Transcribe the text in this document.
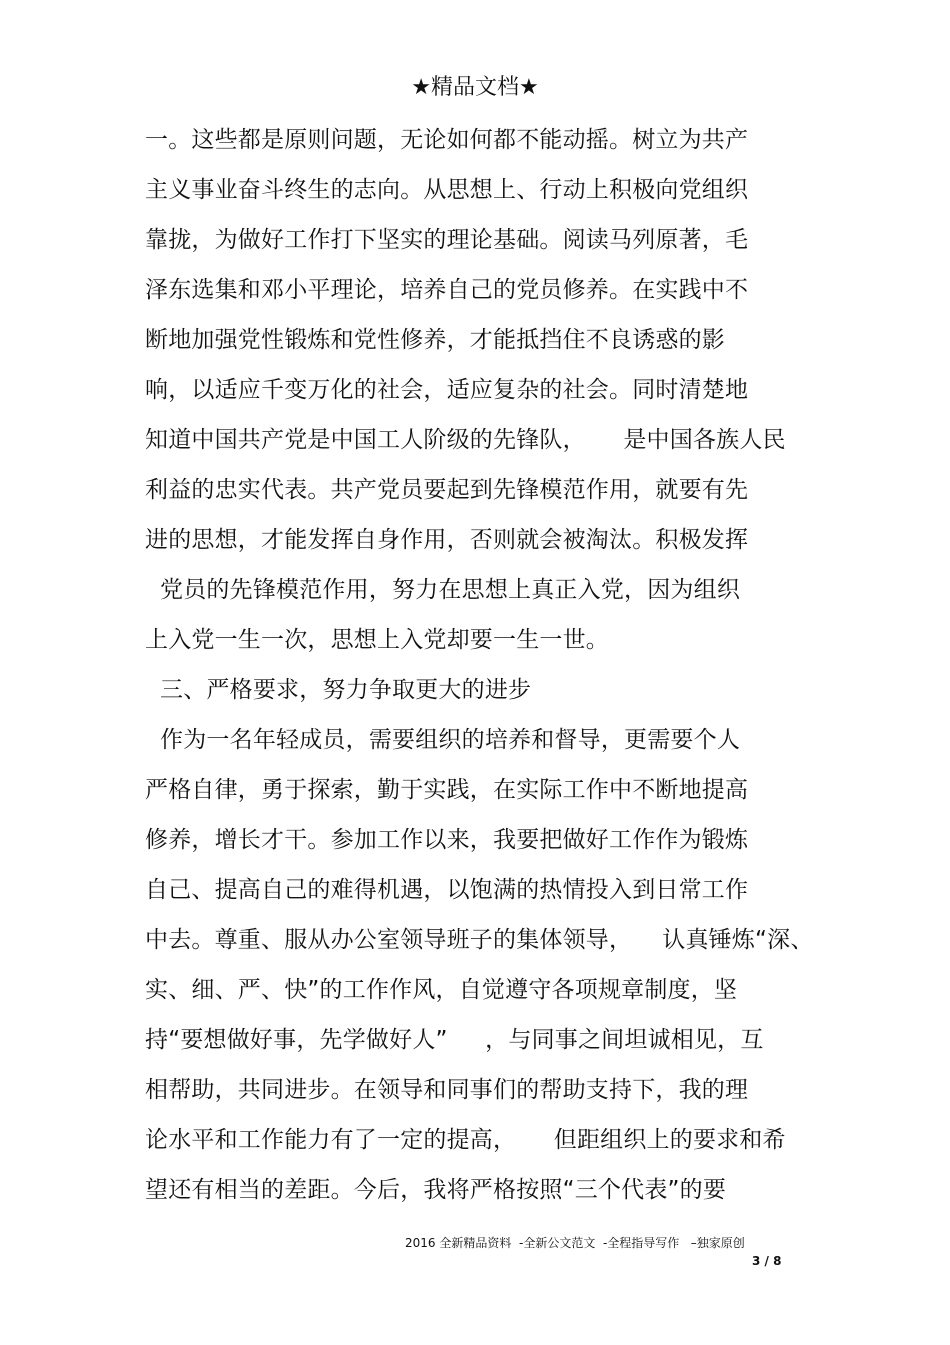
★精品文档★
一。这些都是原则问题，无论如何都不能动摇。树立为共产
主义事业奋斗终生的志向。从思想上、行动上积极向党组织
靠拢，为做好工作打下坚实的理论基础。阅读马列原著，毛
泽东选集和邓小平理论，培养自己的党员修养。在实践中不
断地加强党性锻炼和党性修养，才能抵挡住不良诱惑的影
响，以适应千变万化的社会，适应复杂的社会。同时清楚地
知道中国共产党是中国工人阶级的先锋队，     是中国各族人民
利益的忠实代表。共产党员要起到先锋模范作用，就要有先
进的思想，才能发挥自身作用，否则就会被淘汰。积极发挥
党员的先锋模范作用，努力在思想上真正入党，因为组织
上入党一生一次，思想上入党却要一生一世。
三、严格要求，努力争取更大的进步
作为一名年轻成员，需要组织的培养和督导，更需要个人
严格自律，勇于探索，勤于实践，在实际工作中不断地提高
修养，增长才干。参加工作以来，我要把做好工作作为锻炼
自己、提高自己的难得机遇，以饱满的热情投入到日常工作
中去。尊重、服从办公室领导班子的集体领导，    认真锤炼“深、
实、细、严、快”的工作作风，自觉遵守各项规章制度，坚
持“要想做好事，先学做好人”     ，与同事之间坦诚相见，互
相帮助，共同进步。在领导和同事们的帮助支持下，我的理
论水平和工作能力有了一定的提高，     但距组织上的要求和希
望还有相当的差距。今后，我将严格按照“三个代表”的要
2016 全新精品资料  -全新公文范文  -全程指导写作   –独家原创
3 / 8
